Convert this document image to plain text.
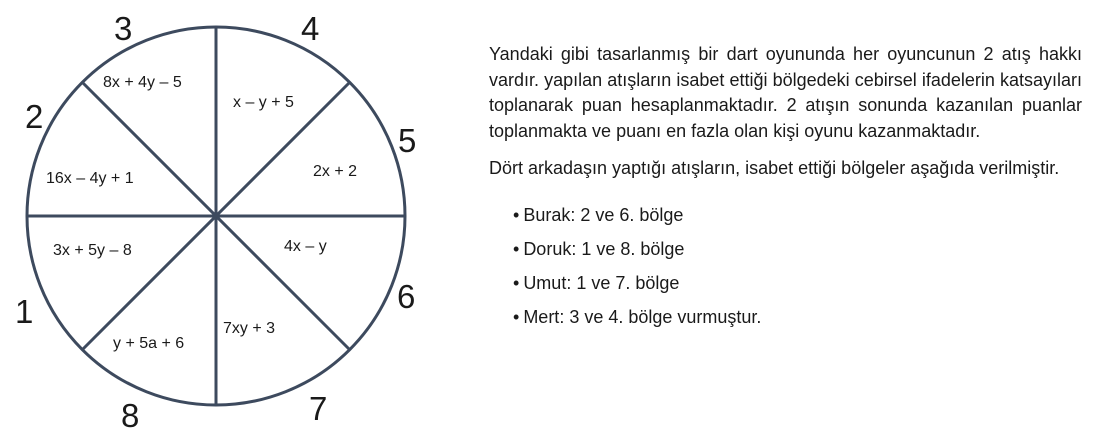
3x + 5y – 8
16x – 4y + 1
8x + 4y – 5
x – y + 5
2x + 2
4x – y
7xy + 3
y + 5a + 6
1
2
3	4
5
6
7
8

Yandaki gibi tasarlanmış bir dart oyununda her oyuncunun 2 atış hakkı vardır. yapılan atışların isabet ettiği bölgedeki cebirsel ifadelerin katsayıları toplanarak puan hesaplanmaktadır. 2 atışın sonunda kazanılan puanlar toplanmakta ve puanı en fazla olan kişi oyunu kazanmaktadır.

Dört arkadaşın yaptığı atışların, isabet ettiği bölgeler aşağıda verilmiştir.

• Burak: 2 ve 6. bölge
• Doruk: 1 ve 8. bölge
• Umut: 1 ve 7. bölge
• Mert: 3 ve 4. bölge vurmuştur.
